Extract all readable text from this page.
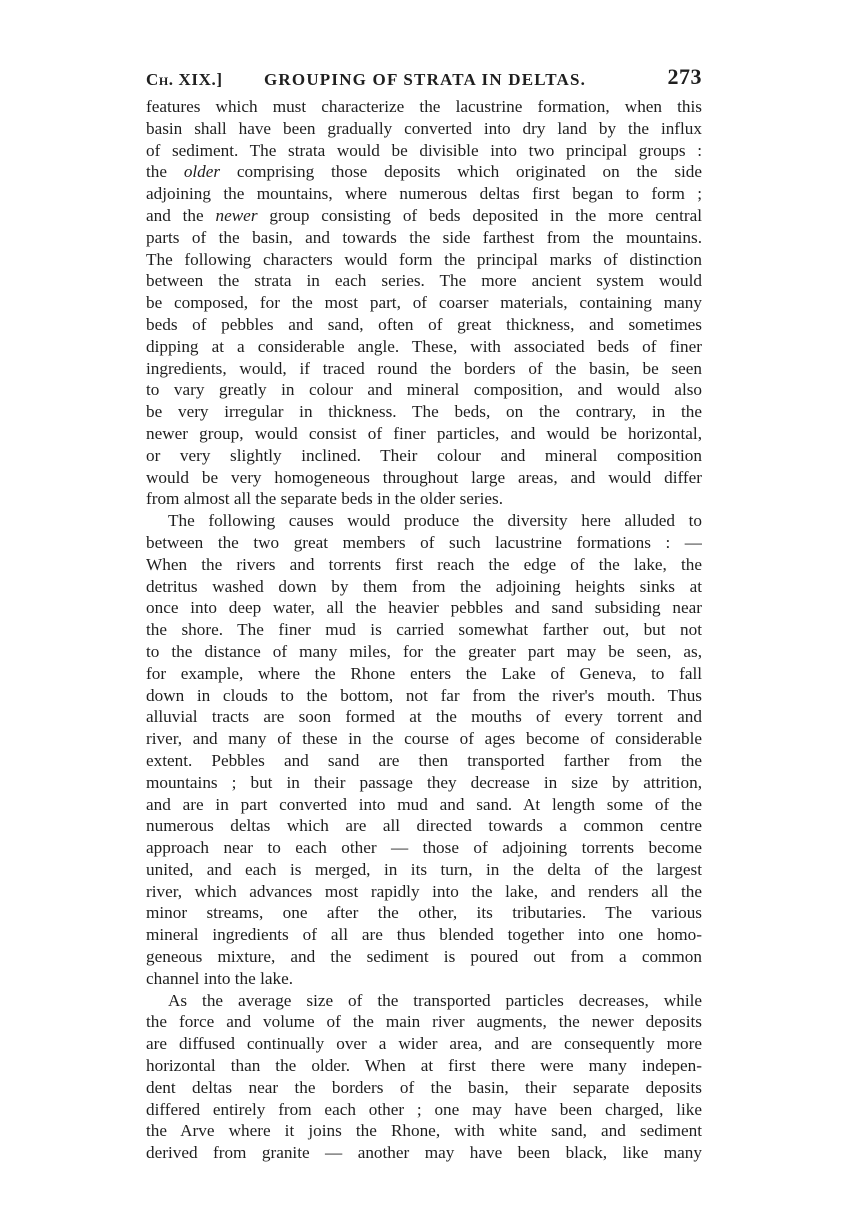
Ch. XIX.] GROUPING OF STRATA IN DELTAS.	273
features which must characterize the lacustrine formation, when this
basin shall have been gradually converted into dry land by the influx
of sediment. The strata would be divisible into two principal groups :
the older comprising those deposits which originated on the side
adjoining the mountains, where numerous deltas first began to form ;
and the newer group consisting of beds deposited in the more central
parts of the basin, and towards the side farthest from the mountains.
The following characters would form the principal marks of distinction
between the strata in each series. The more ancient system would
be composed, for the most part, of coarser materials, containing many
beds of pebbles and sand, often of great thickness, and sometimes
dipping at a considerable angle. These, with associated beds of finer
ingredients, would, if traced round the borders of the basin, be seen
to vary greatly in colour and mineral composition, and would also
be very irregular in thickness. The beds, on the contrary, in the
newer group, would consist of finer particles, and would be horizontal,
or very slightly inclined. Their colour and mineral composition
would be very homogeneous throughout large areas, and would differ
from almost all the separate beds in the older series.
The following causes would produce the diversity here alluded to
between the two great members of such lacustrine formations : —
When the rivers and torrents first reach the edge of the lake, the
detritus washed down by them from the adjoining heights sinks at
once into deep water, all the heavier pebbles and sand subsiding near
the shore. The finer mud is carried somewhat farther out, but not
to the distance of many miles, for the greater part may be seen, as,
for example, where the Rhone enters the Lake of Geneva, to fall
down in clouds to the bottom, not far from the river's mouth. Thus
alluvial tracts are soon formed at the mouths of every torrent and
river, and many of these in the course of ages become of considerable
extent. Pebbles and sand are then transported farther from the
mountains ; but in their passage they decrease in size by attrition,
and are in part converted into mud and sand. At length some of the
numerous deltas which are all directed towards a common centre
approach near to each other — those of adjoining torrents become
united, and each is merged, in its turn, in the delta of the largest
river, which advances most rapidly into the lake, and renders all the
minor streams, one after the other, its tributaries. The various
mineral ingredients of all are thus blended together into one homo-
geneous mixture, and the sediment is poured out from a common
channel into the lake.
As the average size of the transported particles decreases, while
the force and volume of the main river augments, the newer deposits
are diffused continually over a wider area, and are consequently more
horizontal than the older. When at first there were many indepen-
dent deltas near the borders of the basin, their separate deposits
differed entirely from each other ; one may have been charged, like
the Arve where it joins the Rhone, with white sand, and sediment
derived from granite — another may have been black, like many
